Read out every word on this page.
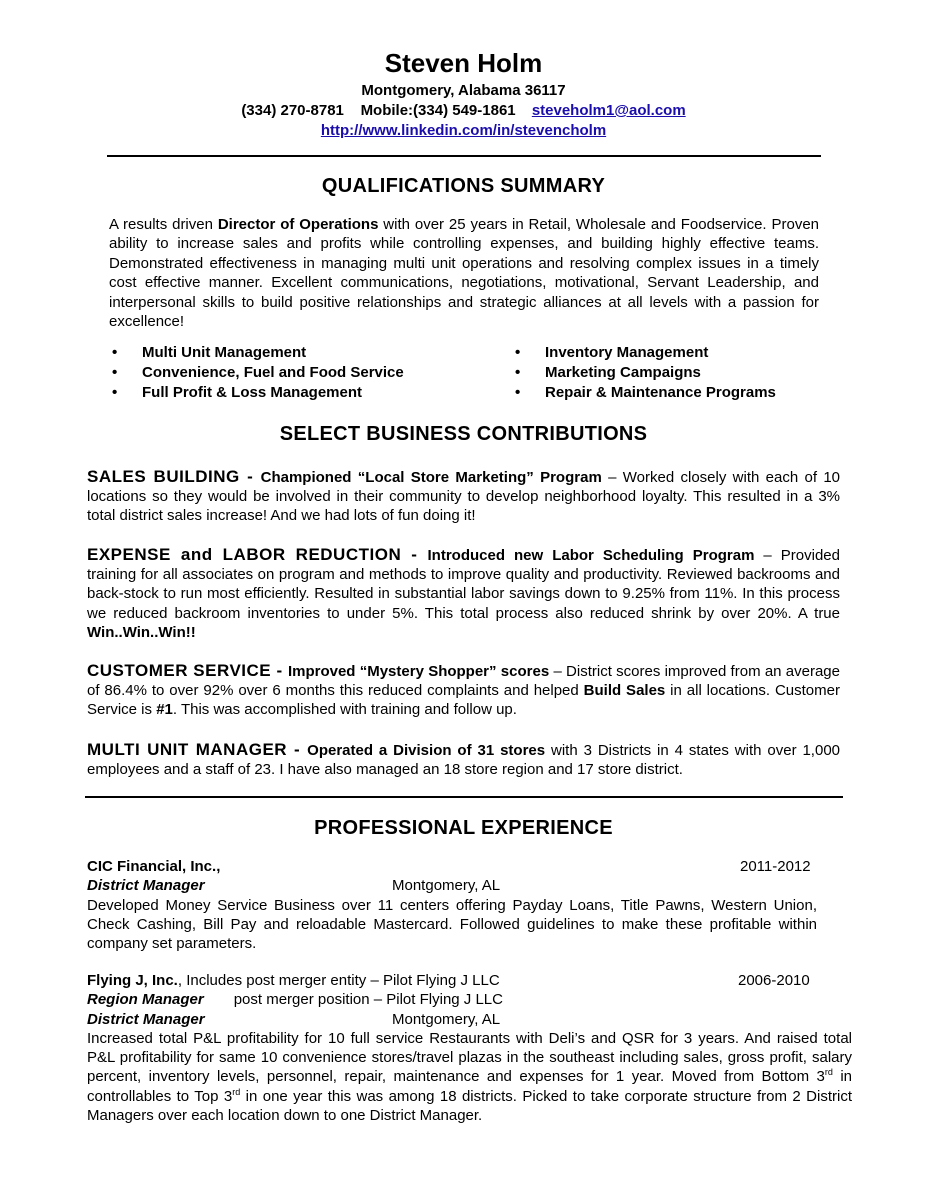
Steven Holm
Montgomery, Alabama 36117
(334) 270-8781 Mobile:(334) 549-1861 steveholm1@aol.com
http://www.linkedin.com/in/stevencholm
QUALIFICATIONS SUMMARY
A results driven Director of Operations with over 25 years in Retail, Wholesale and Foodservice. Proven ability to increase sales and profits while controlling expenses, and building highly effective teams. Demonstrated effectiveness in managing multi unit operations and resolving complex issues in a timely cost effective manner. Excellent communications, negotiations, motivational, Servant Leadership, and interpersonal skills to build positive relationships and strategic alliances at all levels with a passion for excellence!
• Multi Unit Management
• Convenience, Fuel and Food Service
• Full Profit & Loss Management
• Inventory Management
• Marketing Campaigns
• Repair & Maintenance Programs
SELECT BUSINESS CONTRIBUTIONS
SALES BUILDING - Championed “Local Store Marketing” Program – Worked closely with each of 10 locations so they would be involved in their community to develop neighborhood loyalty. This resulted in a 3% total district sales increase! And we had lots of fun doing it!
EXPENSE and LABOR REDUCTION - Introduced new Labor Scheduling Program – Provided training for all associates on program and methods to improve quality and productivity. Reviewed backrooms and back-stock to run most efficiently. Resulted in substantial labor savings down to 9.25% from 11%. In this process we reduced backroom inventories to under 5%. This total process also reduced shrink by over 20%. A true Win..Win..Win!!
CUSTOMER SERVICE - Improved “Mystery Shopper” scores – District scores improved from an average of 86.4% to over 92% over 6 months this reduced complaints and helped Build Sales in all locations. Customer Service is #1. This was accomplished with training and follow up.
MULTI UNIT MANAGER - Operated a Division of 31 stores with 3 Districts in 4 states with over 1,000 employees and a staff of 23. I have also managed an 18 store region and 17 store district.
PROFESSIONAL EXPERIENCE
CIC Financial, Inc.,	2011-2012
District Manager	Montgomery, AL
Developed Money Service Business over 11 centers offering Payday Loans, Title Pawns, Western Union, Check Cashing, Bill Pay and reloadable Mastercard. Followed guidelines to make these profitable within company set parameters.
Flying J, Inc., Includes post merger entity – Pilot Flying J LLC	2006-2010
Region Manager post merger position – Pilot Flying J LLC
District Manager	Montgomery, AL
Increased total P&L profitability for 10 full service Restaurants with Deli’s and QSR for 3 years. And raised total P&L profitability for same 10 convenience stores/travel plazas in the southeast including sales, gross profit, salary percent, inventory levels, personnel, repair, maintenance and expenses for 1 year. Moved from Bottom 3rd in controllables to Top 3rd in one year this was among 18 districts. Picked to take corporate structure from 2 District Managers over each location down to one District Manager.
